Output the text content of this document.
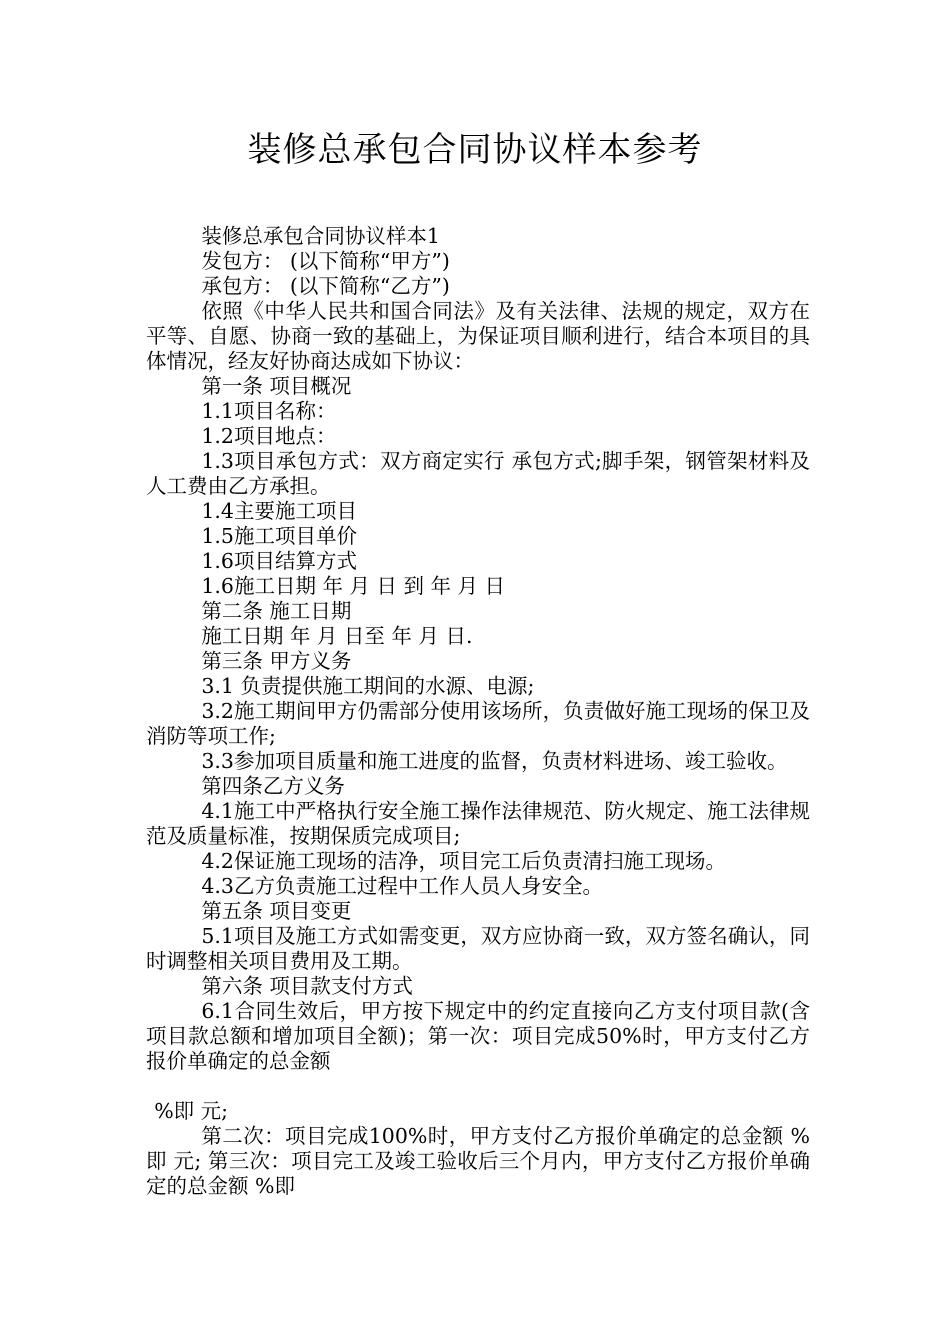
装修总承包合同协议样本参考

装修总承包合同协议样本1

发包方： (以下简称“甲方”)

承包方： (以下简称“乙方”)

依照《中华人民共和国合同法》及有关法律、法规的规定，双方在平等、自愿、协商一致的基础上，为保证项目顺利进行，结合本项目的具体情况，经友好协商达成如下协议：

第一条 项目概况

1.1项目名称：

1.2项目地点：

1.3项目承包方式：双方商定实行 承包方式;脚手架，钢管架材料及人工费由乙方承担。

1.4主要施工项目

1.5施工项目单价

1.6项目结算方式

1.6施工日期 年 月 日 到 年 月 日

第二条 施工日期

施工日期 年 月 日至 年 月 日.

第三条 甲方义务

3.1 负责提供施工期间的水源、电源;

3.2施工期间甲方仍需部分使用该场所，负责做好施工现场的保卫及消防等项工作;

3.3参加项目质量和施工进度的监督，负责材料进场、竣工验收。

第四条乙方义务

4.1施工中严格执行安全施工操作法律规范、防火规定、施工法律规范及质量标准，按期保质完成项目;

4.2保证施工现场的洁净，项目完工后负责清扫施工现场。

4.3乙方负责施工过程中工作人员人身安全。

第五条 项目变更

5.1项目及施工方式如需变更，双方应协商一致，双方签名确认，同时调整相关项目费用及工期。

第六条 项目款支付方式

6.1合同生效后，甲方按下规定中的约定直接向乙方支付项目款(含项目款总额和增加项目全额)；第一次：项目完成50%时，甲方支付乙方报价单确定的总金额

%即 元;

第二次：项目完成100%时，甲方支付乙方报价单确定的总金额 %即 元; 第三次：项目完工及竣工验收后三个月内，甲方支付乙方报价单确定的总金额 %即
